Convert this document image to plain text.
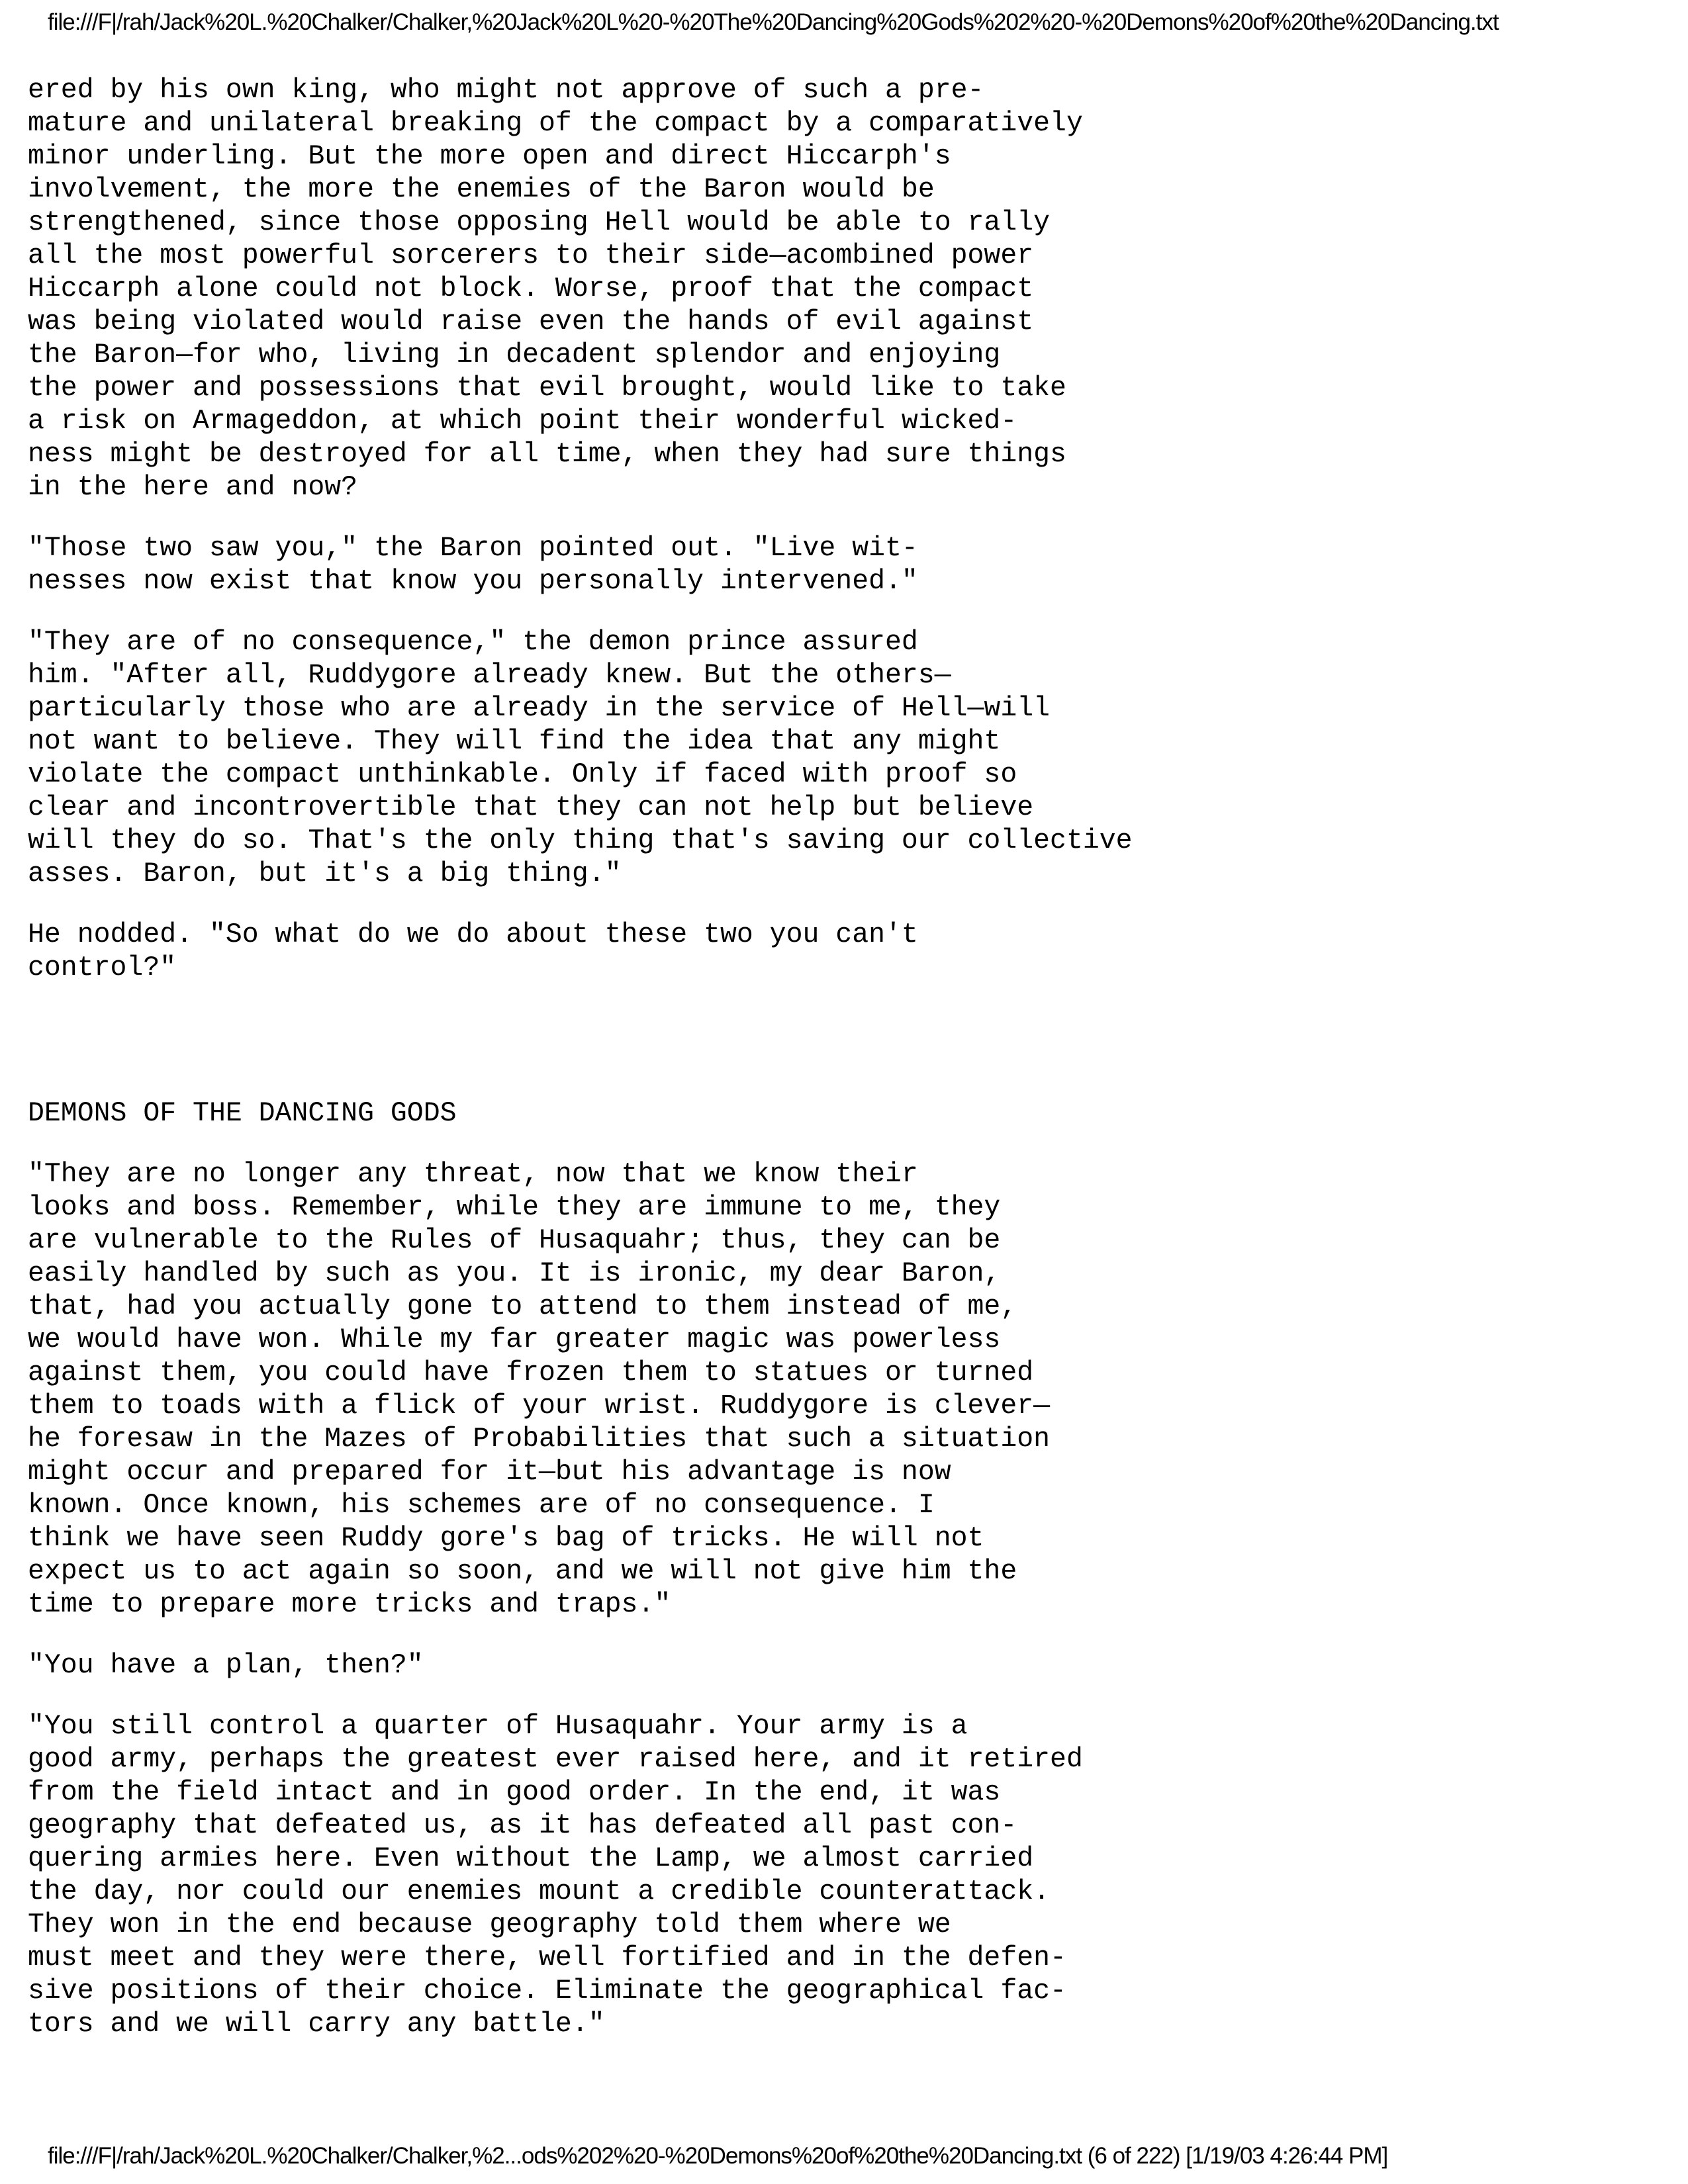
file:///F|/rah/Jack%20L.%20Chalker/Chalker,%20Jack%20L%20-%20The%20Dancing%20Gods%202%20-%20Demons%20of%20the%20Dancing.txt

ered by his own king, who might not approve of such a pre-
mature and unilateral breaking of the compact by a comparatively
minor underling. But the more open and direct Hiccarph's
involvement, the more the enemies of the Baron would be
strengthened, since those opposing Hell would be able to rally
all the most powerful sorcerers to their side—acombined power
Hiccarph alone could not block. Worse, proof that the compact
was being violated would raise even the hands of evil against
the Baron—for who, living in decadent splendor and enjoying
the power and possessions that evil brought, would like to take
a risk on Armageddon, at which point their wonderful wicked-
ness might be destroyed for all time, when they had sure things
in the here and now?

"Those two saw you," the Baron pointed out. "Live wit-
nesses now exist that know you personally intervened."

"They are of no consequence," the demon prince assured
him. "After all, Ruddygore already knew. But the others—
particularly those who are already in the service of Hell—will
not want to believe. They will find the idea that any might
violate the compact unthinkable. Only if faced with proof so
clear and incontrovertible that they can not help but believe
will they do so. That's the only thing that's saving our collective
asses. Baron, but it's a big thing."

He nodded. "So what do we do about these two you can't
control?"

DEMONS OF THE DANCING GODS

"They are no longer any threat, now that we know their
looks and boss. Remember, while they are immune to me, they
are vulnerable to the Rules of Husaquahr; thus, they can be
easily handled by such as you. It is ironic, my dear Baron,
that, had you actually gone to attend to them instead of me,
we would have won. While my far greater magic was powerless
against them, you could have frozen them to statues or turned
them to toads with a flick of your wrist. Ruddygore is clever—
he foresaw in the Mazes of Probabilities that such a situation
might occur and prepared for it—but his advantage is now
known. Once known, his schemes are of no consequence. I
think we have seen Ruddy gore's bag of tricks. He will not
expect us to act again so soon, and we will not give him the
time to prepare more tricks and traps."

"You have a plan, then?"

"You still control a quarter of Husaquahr. Your army is a
good army, perhaps the greatest ever raised here, and it retired
from the field intact and in good order. In the end, it was
geography that defeated us, as it has defeated all past con-
quering armies here. Even without the Lamp, we almost carried
the day, nor could our enemies mount a credible counterattack.
They won in the end because geography told them where we
must meet and they were there, well fortified and in the defen-
sive positions of their choice. Eliminate the geographical fac-
tors and we will carry any battle."

file:///F|/rah/Jack%20L.%20Chalker/Chalker,%2...ods%202%20-%20Demons%20of%20the%20Dancing.txt (6 of 222) [1/19/03 4:26:44 PM]
